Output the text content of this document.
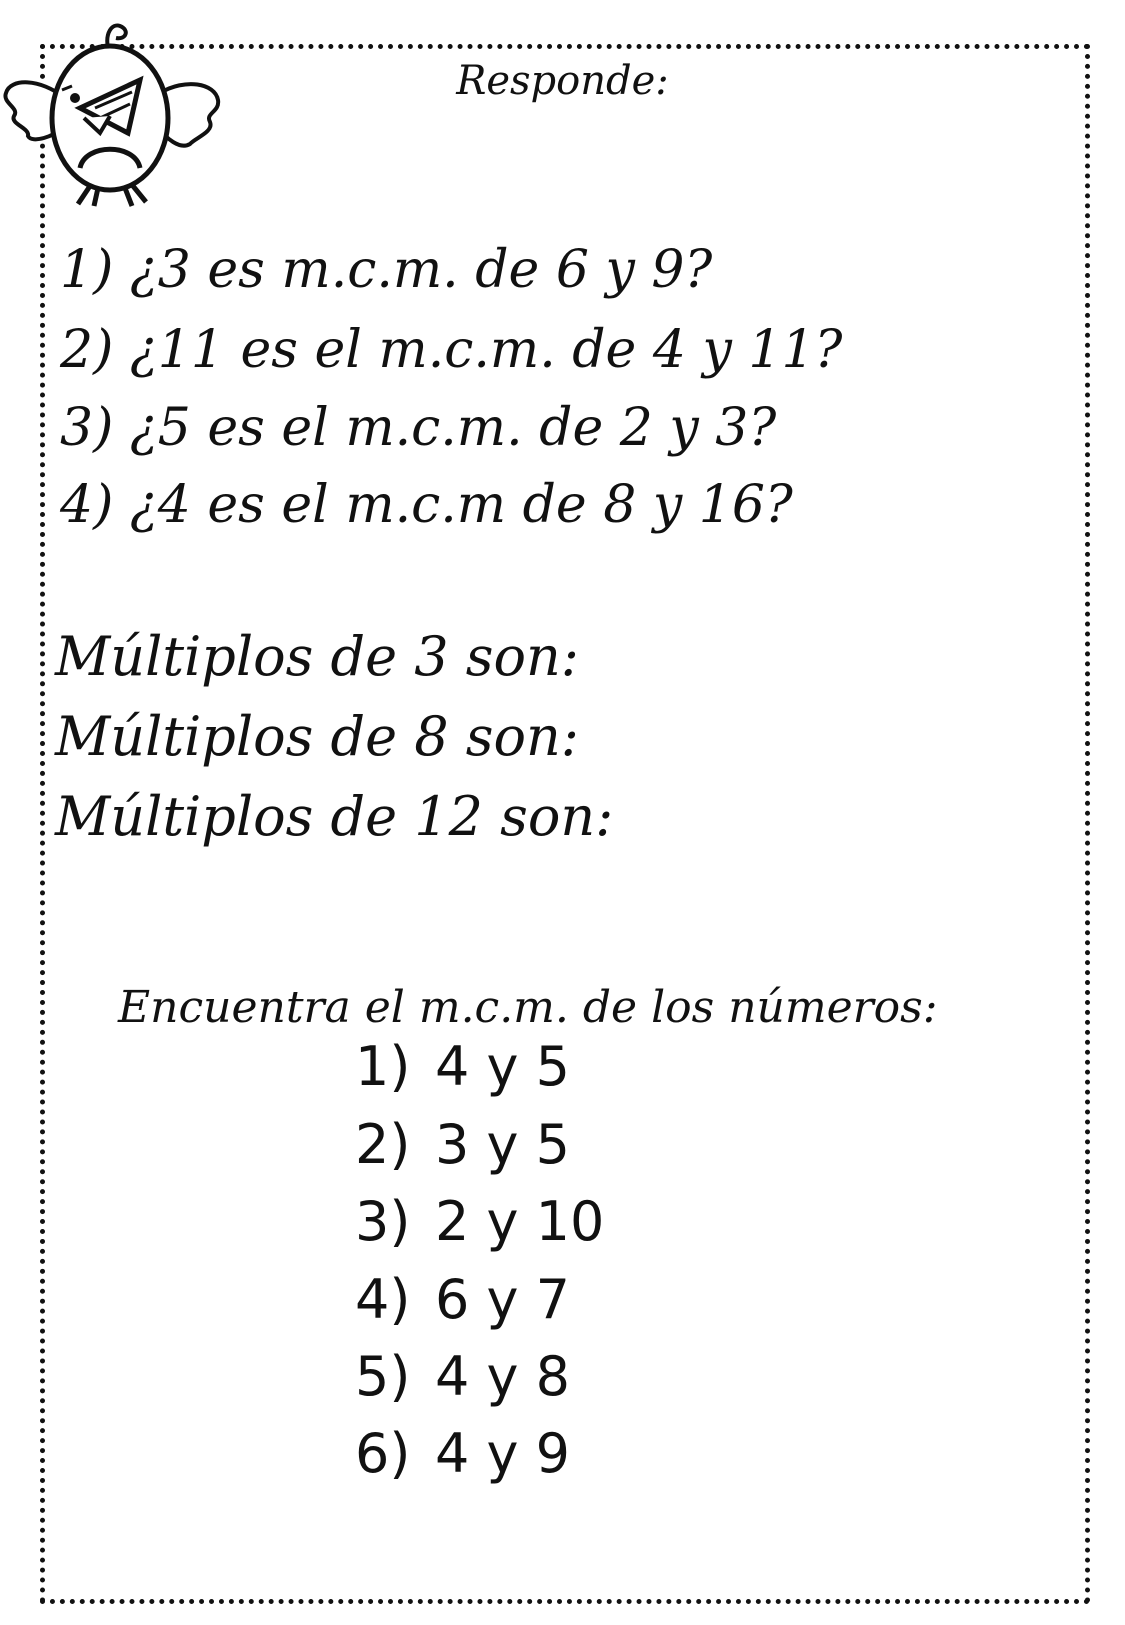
Responde:
1) ¿3 es m.c.m. de 6 y 9?
2) ¿11 es el m.c.m. de 4 y 11?
3) ¿5 es el m.c.m. de 2 y 3?
4) ¿4 es el m.c.m de 8 y 16?
Múltiplos de 3 son:
Múltiplos de 8 son:
Múltiplos de 12 son:
Encuentra el m.c.m. de los números:
1) 4 y 5
2) 3 y 5
3) 2 y 10
4) 6 y 7
5) 4 y 8
6) 4 y 9
